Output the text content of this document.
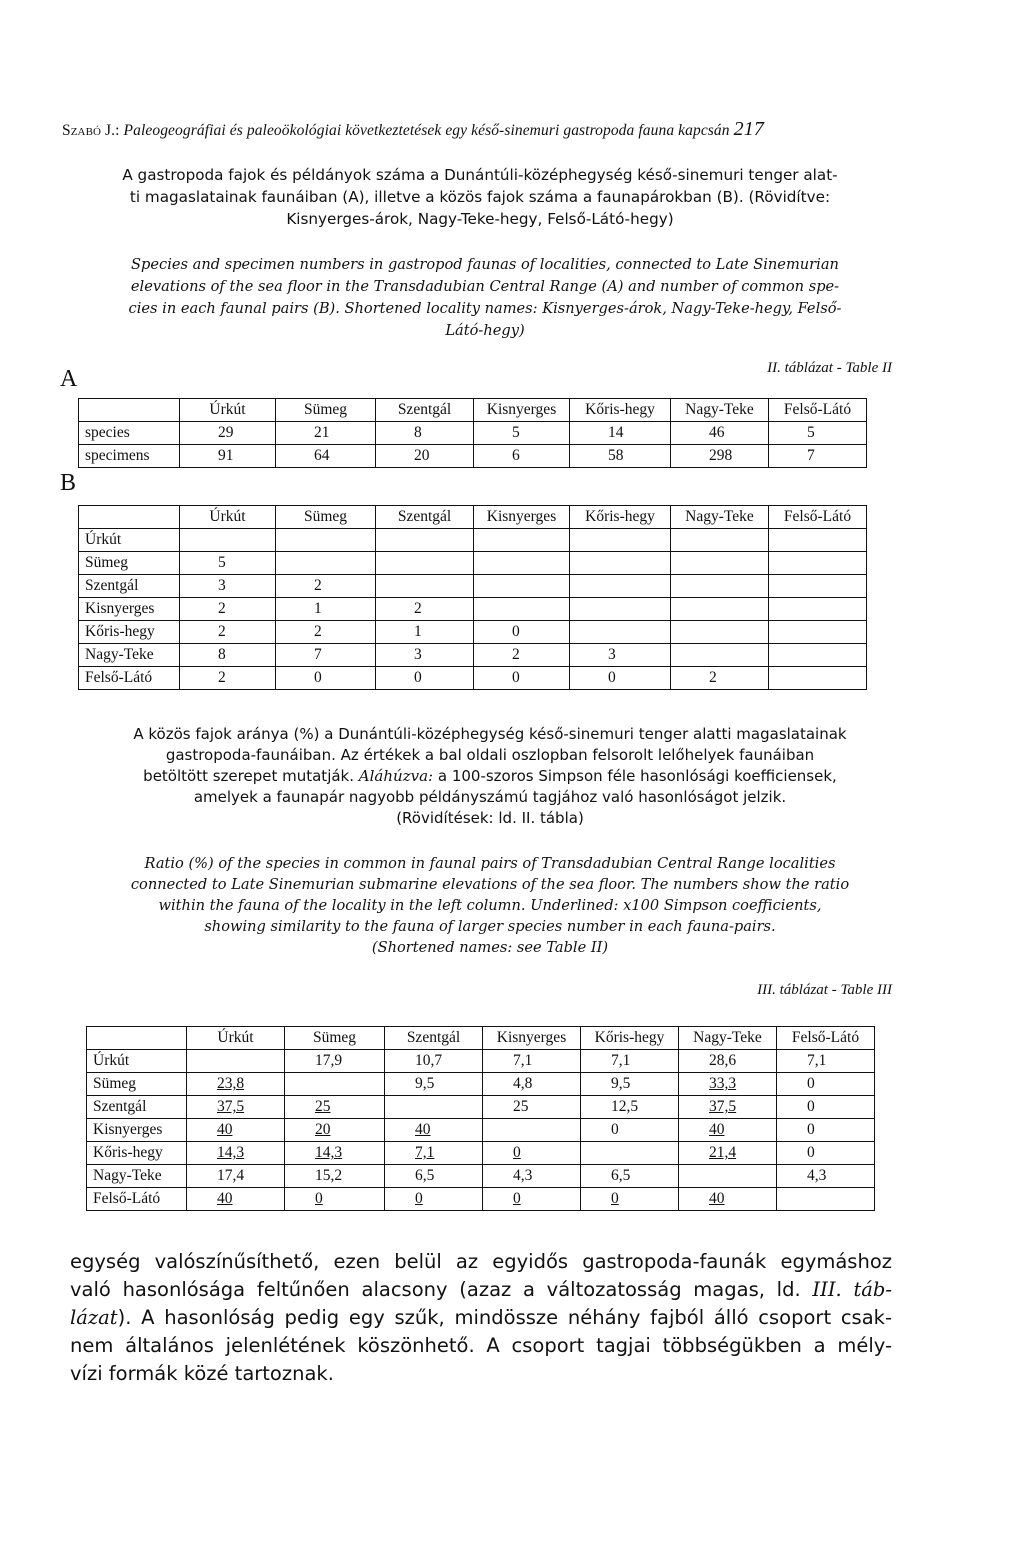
Szabó J.: Paleogeográfiai és paleoökológiai következtetések egy késő-sinemuri gastropoda fauna kapcsán 217
A gastropoda fajok és példányok száma a Dunántúli-középhegység késő-sinemuri tenger alat-
ti magaslatainak faunáiban (A), illetve a közös fajok száma a faunapárokban (B). (Rövidítve:
Kisnyerges-árok, Nagy-Teke-hegy, Felső-Látó-hegy)
Species and specimen numbers in gastropod faunas of localities, connected to Late Sinemurian
elevations of the sea floor in the Transdadubian Central Range (A) and number of common spe-
cies in each faunal pairs (B). Shortened locality names: Kisnyerges-árok, Nagy-Teke-hegy, Felső-
Látó-hegy)
II. táblázat - Table II
A
	Úrkút	Sümeg	Szentgál	Kisnyerges	Kőris-hegy	Nagy-Teke	Felső-Látó
species	29	21	8	5	14	46	5
specimens	91	64	20	6	58	298	7
B
	Úrkút	Sümeg	Szentgál	Kisnyerges	Kőris-hegy	Nagy-Teke	Felső-Látó
Úrkút							
Sümeg	5						
Szentgál	3	2					
Kisnyerges	2	1	2				
Kőris-hegy	2	2	1	0			
Nagy-Teke	8	7	3	2	3		
Felső-Látó	2	0	0	0	0	2	
A közös fajok aránya (%) a Dunántúli-középhegység késő-sinemuri tenger alatti magaslatainak
gastropoda-faunáiban. Az értékek a bal oldali oszlopban felsorolt lelőhelyek faunáiban
betöltött szerepet mutatják. Aláhúzva: a 100-szoros Simpson féle hasonlósági koefficiensek,
amelyek a faunapár nagyobb példányszámú tagjához való hasonlóságot jelzik.
(Rövidítések: ld. II. tábla)
Ratio (%) of the species in common in faunal pairs of Transdadubian Central Range localities
connected to Late Sinemurian submarine elevations of the sea floor. The numbers show the ratio
within the fauna of the locality in the left column. Underlined: x100 Simpson coefficients,
showing similarity to the fauna of larger species number in each fauna-pairs.
(Shortened names: see Table II)
III. táblázat - Table III
	Úrkút	Sümeg	Szentgál	Kisnyerges	Kőris-hegy	Nagy-Teke	Felső-Látó
Úrkút		17,9	10,7	7,1	7,1	28,6	7,1
Sümeg	23,8		9,5	4,8	9,5	33,3	0
Szentgál	37,5	25		25	12,5	37,5	0
Kisnyerges	40	20	40		0	40	0
Kőris-hegy	14,3	14,3	7,1	0		21,4	0
Nagy-Teke	17,4	15,2	6,5	4,3	6,5		4,3
Felső-Látó	40	0	0	0	0	40	
egység valószínűsíthető, ezen belül az egyidős gastropoda-faunák egymáshoz
való hasonlósága feltűnően alacsony (azaz a változatosság magas, ld. III. táb-
lázat). A hasonlóság pedig egy szűk, mindössze néhány fajból álló csoport csak-
nem általános jelenlétének köszönhető. A csoport tagjai többségükben a mély-
vízi formák közé tartoznak.
